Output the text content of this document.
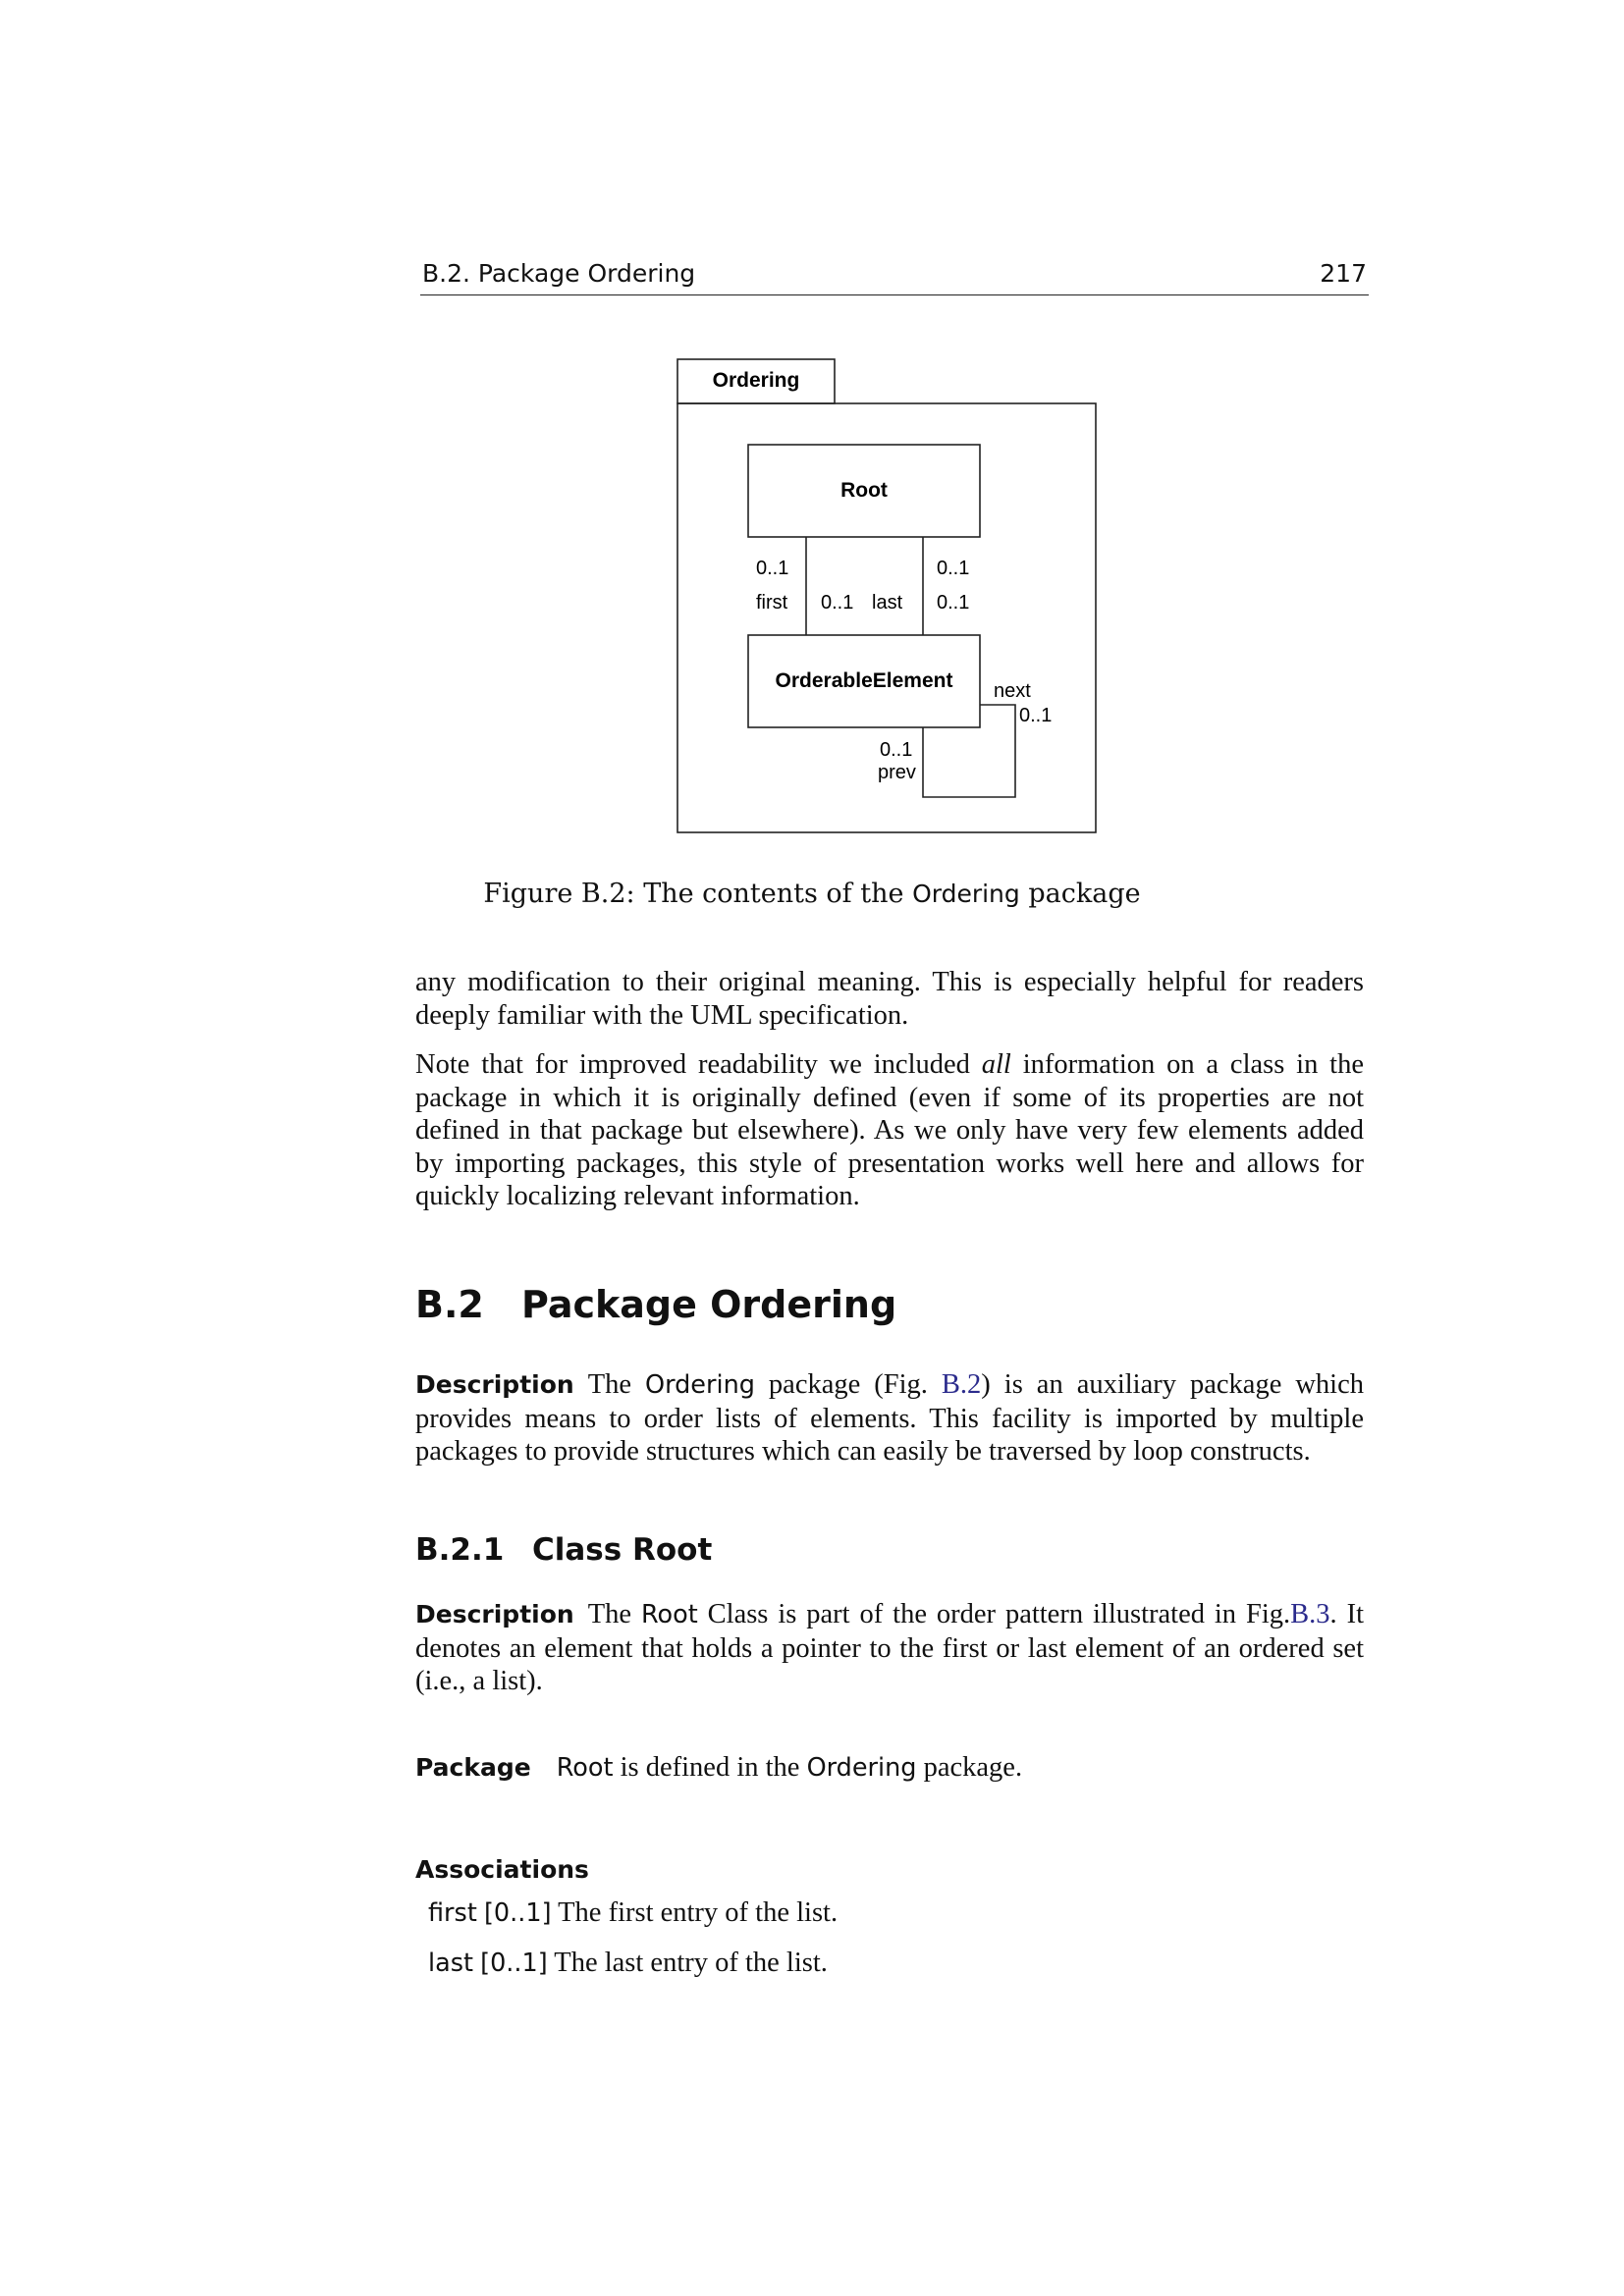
B.2. Package Ordering	217
Ordering
Root
OrderableElement
0..1
first 0..1 last
0..1
0..1
next
0..1
0..1
prev
Figure B.2: The contents of the Ordering package
any modification to their original meaning. This is especially helpful for readers deeply familiar with the UML specification.
Note that for improved readability we included all information on a class in the package in which it is originally defined (even if some of its properties are not defined in that package but elsewhere). As we only have very few elements added by importing packages, this style of presentation works well here and allows for quickly localizing relevant information.
B.2 Package Ordering
Description The Ordering package (Fig. B.2) is an auxiliary package which provides means to order lists of elements. This facility is imported by multiple packages to provide structures which can easily be traversed by loop constructs.
B.2.1 Class Root
Description The Root Class is part of the order pattern illustrated in Fig.B.3. It denotes an element that holds a pointer to the first or last element of an ordered set (i.e., a list).
Package Root is defined in the Ordering package.
Associations
first [0..1] The first entry of the list.
last [0..1] The last entry of the list.
